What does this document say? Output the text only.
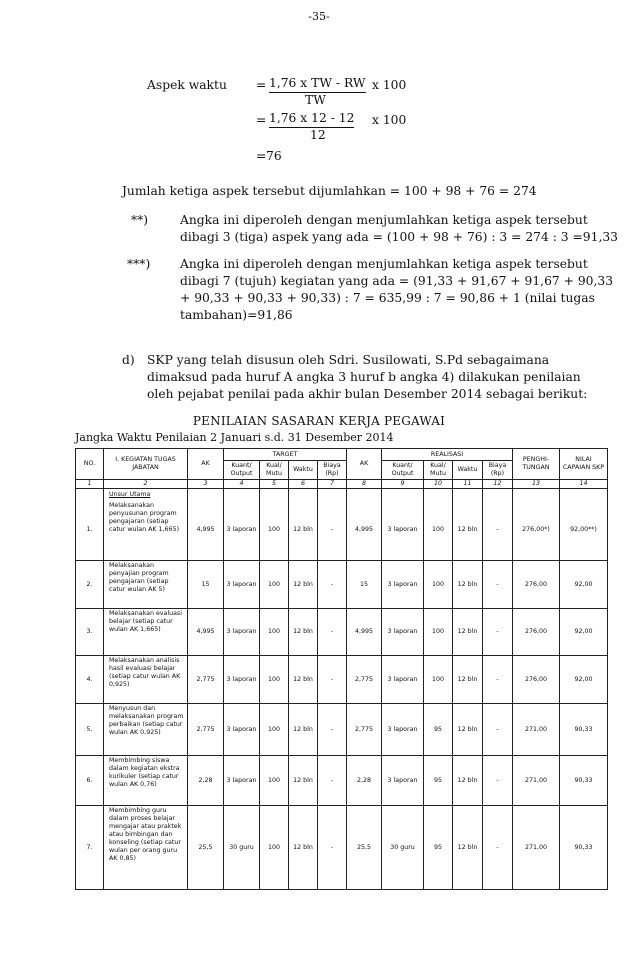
-35-
Aspek waktu = 1,76 x TW - RW x 100
TW
= 1,76 x 12 - 12 x 100
12
= 76
Jumlah ketiga aspek tersebut dijumlahkan = 100 + 98 + 76 = 274
**)	Angka ini diperoleh dengan menjumlahkan ketiga aspek tersebut
dibagi 3 (tiga) aspek yang ada = (100 + 98 + 76) : 3 = 274 : 3 =91,33
***) Angka ini diperoleh dengan menjumlahkan ketiga aspek tersebut
dibagi 7 (tujuh) kegiatan yang ada = (91,33 + 91,67 + 91,67 + 90,33
+ 90,33 + 90,33 + 90,33) : 7 = 635,99 : 7 = 90,86 + 1 (nilai tugas
tambahan)=91,86
d) SKP yang telah disusun oleh Sdri. Susilowati, S.Pd sebagaimana
dimaksud pada huruf A angka 3 huruf b angka 4) dilakukan penilaian
oleh pejabat penilai pada akhir bulan Desember 2014 sebagai berikut:
PENILAIAN SASARAN KERJA PEGAWAI
Jangka Waktu Penilaian 2 Januari s.d. 31 Desember 2014
NO.	I. KEGIATAN TUGAS JABATAN	AK	TARGET				AK	REALISASI				PENGHI-TUNGAN	NILAI CAPAIAN SKP
			Kuant/ Output	Kual/ Mutu	Waktu	Biaya (Rp)		Kuant/ Output	Kual/ Mutu	Waktu	Biaya (Rp)		
1	2	3	4	5	6	7	8	9	10	11	12	13	14
	Unsur Utama												
1.	Melaksanakan penyusunan program pengajaran (setiap catur wulan AK 1,665)	4,995	3 laporan	100	12 bln	-	4,995	3 laporan	100	12 bln	-	276,00*)	92,00**)
2.	Melaksanakan penyajian program pengajaran (setiap catur wulan AK 5)	15	3 laporan	100	12 bln	-	15	3 laporan	100	12 bln	-	276,00	92,00
3.	Melaksanakan evaluasi belajar (setiap catur wulan AK 1,665)	4,995	3 laporan	100	12 bln	-	4,995	3 laporan	100	12 bln	-	276,00	92,00
4.	Melaksanakan analisis hasil evaluasi belajar (setiap catur wulan AK 0,925)	2,775	3 laporan	100	12 bln	-	2,775	3 laporan	100	12 bln	-	276,00	92,00
5.	Menyusun dan melaksanakan program perbaikan (setiap catur wulan AK 0,925)	2,775	3 laporan	100	12 bln	-	2,775	3 laporan	95	12 bln	-	271,00	90,33
6.	Membimbing siswa dalam kegiatan ekstra kurikuler (setiap catur wulan AK 0,76)	2,28	3 laporan	100	12 bln	-	2,28	3 laporan	95	12 bln	-	271,00	90,33
7.	Membimbing guru dalam proses belajar mengajar atau praktek atau bimbingan dan konseling (setiap catur wulan per orang guru AK 0,85)	25,5	30 guru	100	12 bln	-	25,5	30 guru	95	12 bln	-	271,00	90,33
